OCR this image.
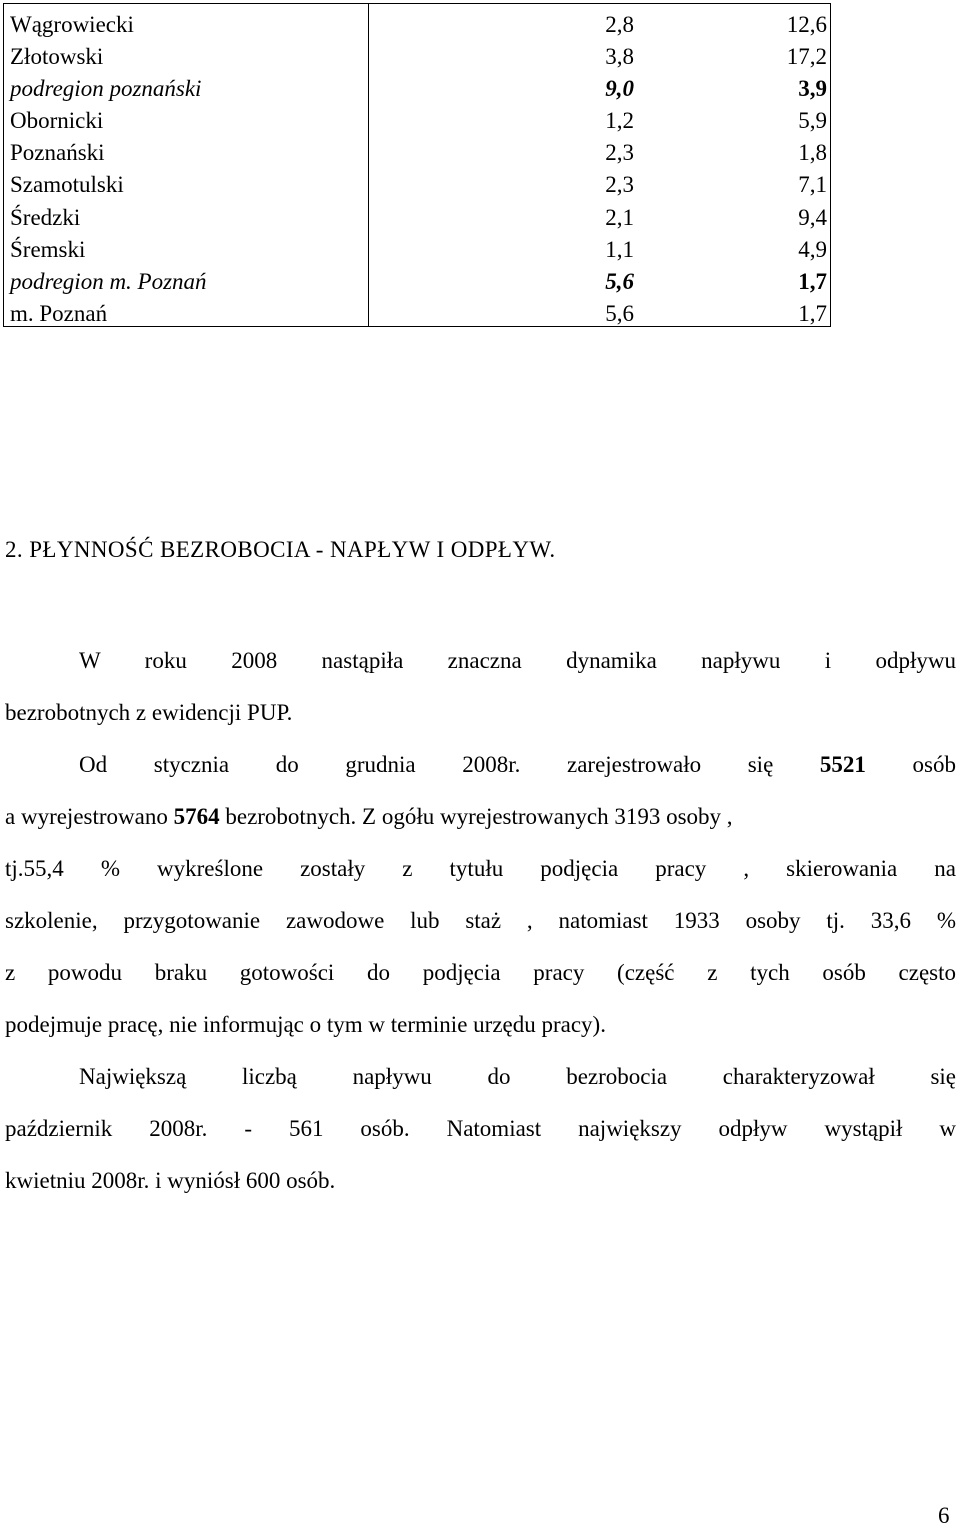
Wągrowiecki
Złotowski
podregion poznański
Obornicki
Poznański
Szamotulski
Średzki
Śremski
podregion m. Poznań
m. Poznań
2,8
3,8
9,0
1,2
2,3
2,3
2,1
1,1
5,6
5,6
12,6
17,2
3,9
5,9
1,8
7,1
9,4
4,9
1,7
1,7
2. PŁYNNOŚĆ BEZROBOCIA - NAPŁYW I ODPŁYW.
W roku 2008 nastąpiła znaczna dynamika napływu i odpływu
bezrobotnych z ewidencji PUP.
Od stycznia do grudnia 2008r. zarejestrowało się 5521 osób
a wyrejestrowano 5764 bezrobotnych. Z ogółu wyrejestrowanych 3193 osoby ,
tj.55,4 % wykreślone zostały z tytułu podjęcia pracy , skierowania na
szkolenie, przygotowanie zawodowe lub staż , natomiast 1933 osoby tj. 33,6 %
z powodu braku gotowości do podjęcia pracy (część z tych osób często
podejmuje pracę, nie informując o tym w terminie urzędu pracy).
Największą liczbą napływu do bezrobocia charakteryzował się
październik 2008r. - 561 osób. Natomiast największy odpływ wystąpił w
kwietniu 2008r. i wyniósł 600 osób.
6
